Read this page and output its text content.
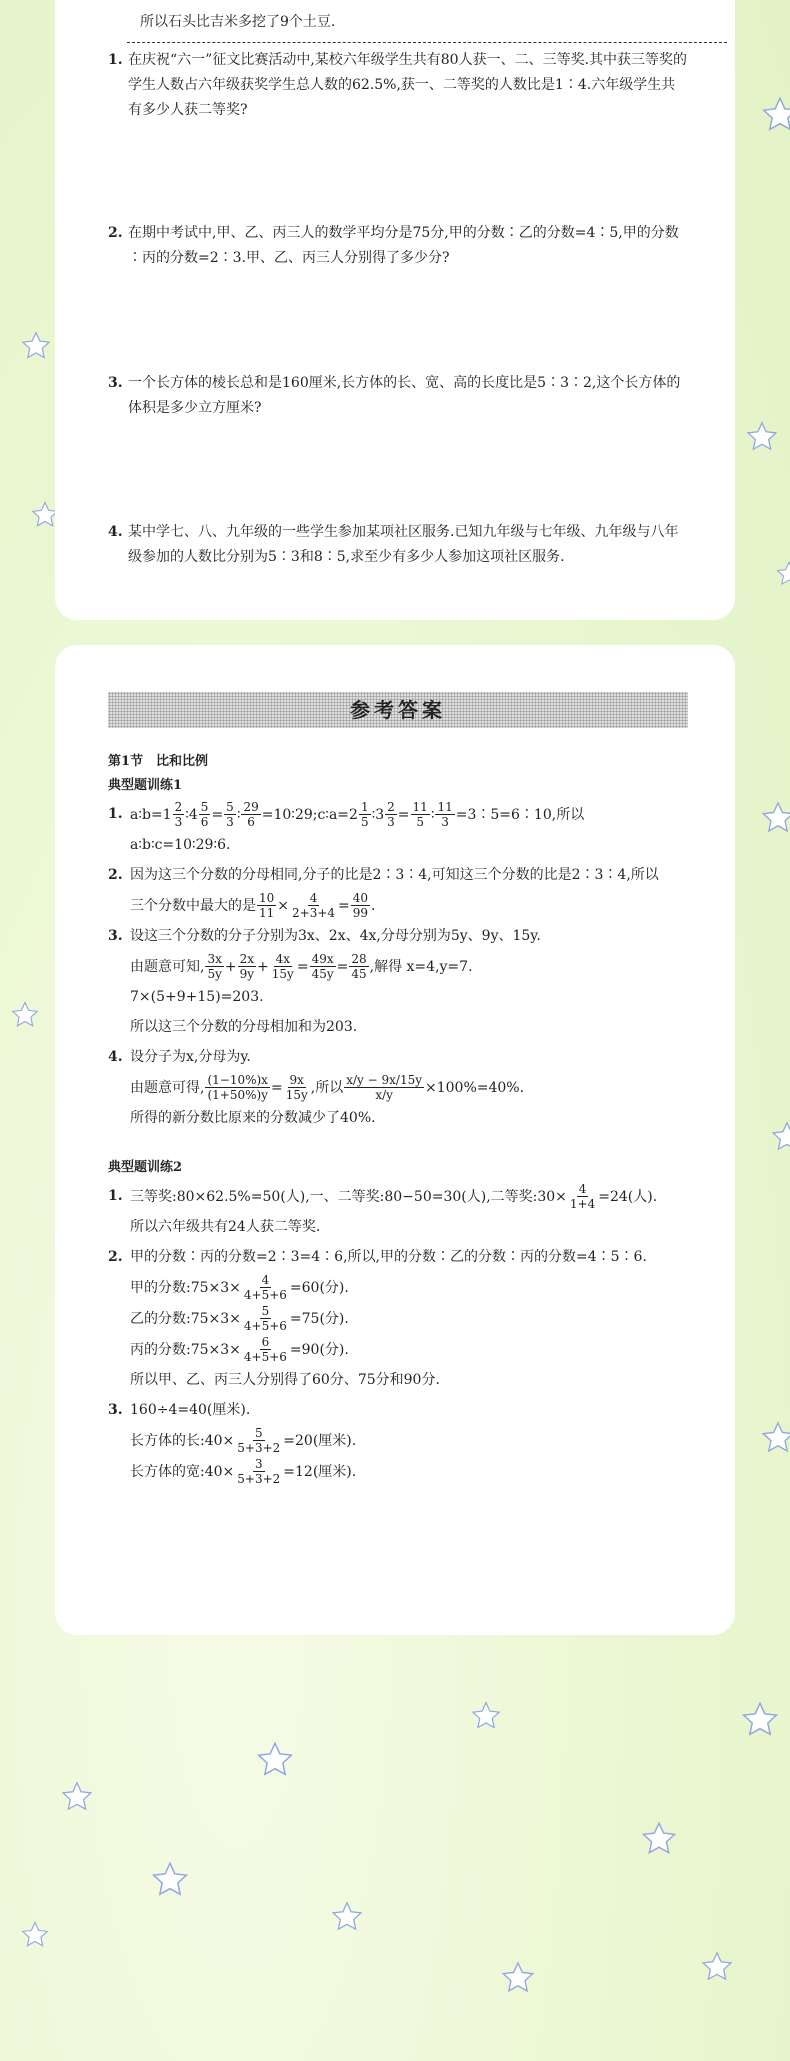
所以石头比吉米多挖了9个土豆.
1. 在庆祝“六一”征文比赛活动中,某校六年级学生共有80人获一、二、三等奖.其中获三等奖的学生人数占六年级获奖学生总人数的62.5%,获一、二等奖的人数比是1∶4.六年级学生共有多少人获二等奖?
2. 在期中考试中,甲、乙、丙三人的数学平均分是75分,甲的分数∶乙的分数=4∶5,甲的分数∶丙的分数=2∶3.甲、乙、丙三人分别得了多少分?
3. 一个长方体的棱长总和是160厘米,长方体的长、宽、高的长度比是5∶3∶2,这个长方体的体积是多少立方厘米?
4. 某中学七、八、九年级的一些学生参加某项社区服务.已知九年级与七年级、九年级与八年级参加的人数比分别为5∶3和8∶5,求至少有多少人参加这项社区服务.
参考答案
第1节　比和比例
典型题训练1
1. a∶b=1 $\frac{2}{3}$ ∶4 $\frac{5}{6} = \frac{5}{3}$ ∶ $\frac{29}{6}$ =10∶29;c∶a=2 $\frac{1}{5}$ ∶3 $\frac{2}{3} = \frac{11}{5}$ ∶ $\frac{11}{3}$ =3∶5=6∶10,所以
a∶b∶c=10∶29∶6.
2. 因为这三个分数的分母相同,分子的比是2∶3∶4,可知这三个分数的比是2∶3∶4,所以
三个分数中最大的是 $\frac{10}{11} \times \frac{4}{2+3+4} = \frac{40}{99}$ .
3. 设这三个分数的分子分别为3x、2x、4x,分母分别为5y、9y、15y.
由题意可知, $\frac{3x}{5y} + \frac{2x}{9y} + \frac{4x}{15y} = \frac{49x}{45y} = \frac{28}{45}$ ,解得 x=4,y=7.
7×(5+9+15)=203.
所以这三个分数的分母相加和为203.
4. 设分子为x,分母为y.
由题意可得, $\frac{(1-10\%)x}{(1+50\%)y} = \frac{9x}{15y}$ ,所以 $\frac{x/y - 9x/15y}{x/y} \times 100\%=40\%$.
所得的新分数比原来的分数减少了40%.
典型题训练2
1. 三等奖:80×62.5%=50(人),一、二等奖:80−50=30(人),二等奖:30× $\frac{4}{1+4} =24$(人).
所以六年级共有24人获二等奖.
2. 甲的分数∶丙的分数=2∶3=4∶6,所以,甲的分数∶乙的分数∶丙的分数=4∶5∶6.
甲的分数:75×3× $\frac{4}{4+5+6} =60$(分).
乙的分数:75×3× $\frac{5}{4+5+6} =75$(分).
丙的分数:75×3× $\frac{6}{4+5+6} =90$(分).
所以甲、乙、丙三人分别得了60分、75分和90分.
3. 160÷4=40(厘米).
长方体的长:40× $\frac{5}{5+3+2} =20$(厘米).
长方体的宽:40× $\frac{3}{5+3+2} =12$(厘米).
